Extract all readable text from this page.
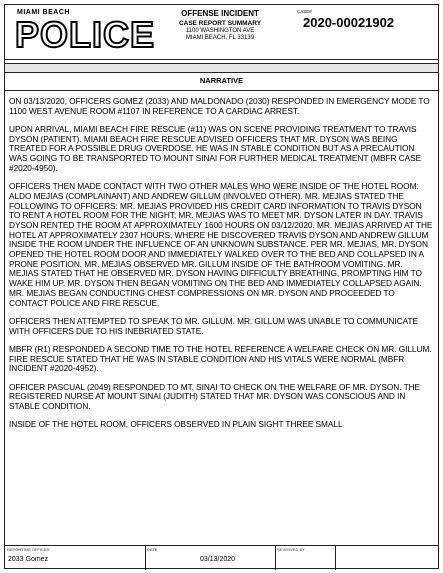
MIAMI BEACH
POLICE
OFFENSE INCIDENT
CASE REPORT SUMMARY
1100 WASHINGTON AVE
MIAMI BEACH, FL 33139
CASE#
2020-00021902
NARRATIVE

ON 03/13/2020, OFFICERS GOMEZ (2033) AND MALDONADO (2030) RESPONDED IN EMERGENCY MODE TO 1100 WEST AVENUE ROOM #1107 IN REFERENCE TO A CARDIAC ARREST.

UPON ARRIVAL, MIAMI BEACH FIRE RESCUE (#11) WAS ON SCENE PROVIDING TREATMENT TO TRAVIS DYSON (PATIENT). MIAMI BEACH FIRE RESCUE ADVISED OFFICERS THAT MR. DYSON WAS BEING TREATED FOR A POSSIBLE DRUG OVERDOSE. HE WAS IN STABLE CONDITION BUT AS A PRECAUTION WAS GOING TO BE TRANSPORTED TO MOUNT SINAI FOR FURTHER MEDICAL TREATMENT (MBFR CASE #2020-4950).

OFFICERS THEN MADE CONTACT WITH TWO OTHER MALES WHO WERE INSIDE OF THE HOTEL ROOM: ALDO MEJIAS (COMPLAINANT) AND ANDREW GILLUM (INVOLVED OTHER). MR. MEJIAS STATED THE FOLLOWING TO OFFICERS: MR. MEJIAS PROVIDED HIS CREDIT CARD INFORMATION TO TRAVIS DYSON TO RENT A HOTEL ROOM FOR THE NIGHT; MR. MEJIAS WAS TO MEET MR. DYSON LATER IN DAY. TRAVIS DYSON RENTED THE ROOM AT APPROXIMATELY 1600 HOURS ON 03/12/2020. MR. MEJIAS ARRIVED AT THE HOTEL AT APPROXIMATELY 2307 HOURS, WHERE HE DISCOVERED TRAVIS DYSON AND ANDREW GILLUM INSIDE THE ROOM UNDER THE INFLUENCE OF AN UNKNOWN SUBSTANCE. PER MR. MEJIAS, MR. DYSON OPENED THE HOTEL ROOM DOOR AND IMMEDIATELY WALKED OVER TO THE BED AND COLLAPSED IN A PRONE POSITION. MR. MEJIAS OBSERVED MR. GILLUM INSIDE OF THE BATHROOM VOMITING. MR. MEJIAS STATED THAT HE OBSERVED MR. DYSON HAVING DIFFICULTY BREATHING, PROMPTING HIM TO WAKE HIM UP. MR. DYSON THEN BEGAN VOMITING ON THE BED AND IMMEDIATELY COLLAPSED AGAIN. MR. MEJIAS BEGAN CONDUCTING CHEST COMPRESSIONS ON MR. DYSON AND PROCEEDED TO CONTACT POLICE AND FIRE RESCUE.

OFFICERS THEN ATTEMPTED TO SPEAK TO MR. GILLUM. MR. GILLUM WAS UNABLE TO COMMUNICATE WITH OFFICERS DUE TO HIS INEBRIATED STATE.

MBFR (R1) RESPONDED A SECOND TIME TO THE HOTEL REFERENCE A WELFARE CHECK ON MR. GILLUM. FIRE RESCUE STATED THAT HE WAS IN STABLE CONDITION AND HIS VITALS WERE NORMAL (MBFR INCIDENT #2020-4952).

OFFICER PASCUAL (2049) RESPONDED TO MT. SINAI TO CHECK ON THE WELFARE OF MR. DYSON. THE REGISTERED NURSE AT MOUNT SINAI (JUDITH) STATED THAT MR. DYSON WAS CONSCIOUS AND IN STABLE CONDITION.

INSIDE OF THE HOTEL ROOM, OFFICERS OBSERVED IN PLAIN SIGHT THREE SMALL

REPORTING OFFICER
2033 Gomez
DATE
03/13/2020
REVIEWED BY
